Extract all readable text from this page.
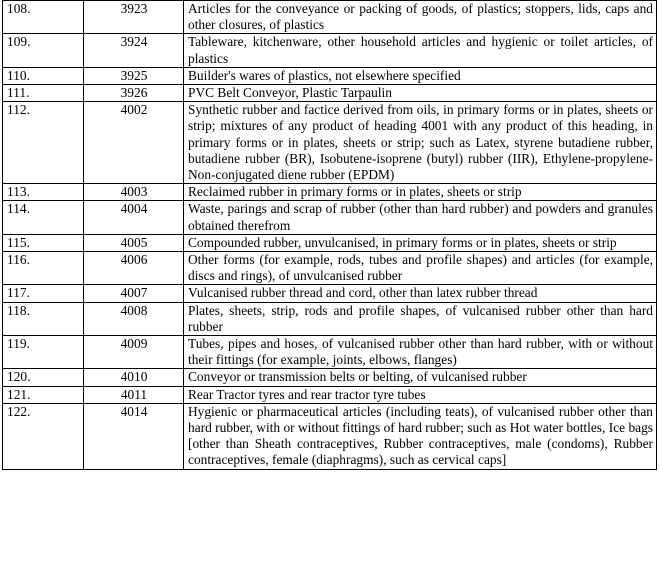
108.	3923	Articles for the conveyance or packing of goods, of plastics; stoppers, lids, caps and other closures, of plastics
109.	3924	Tableware, kitchenware, other household articles and hygienic or toilet articles, of plastics
110.	3925	Builder's wares of plastics, not elsewhere specified
111.	3926	PVC Belt Conveyor, Plastic Tarpaulin
112.	4002	Synthetic rubber and factice derived from oils, in primary forms or in plates, sheets or strip; mixtures of any product of heading 4001 with any product of this heading, in primary forms or in plates, sheets or strip; such as Latex, styrene butadiene rubber, butadiene rubber (BR), Isobutene-isoprene (butyl) rubber (IIR), Ethylene-propylene-Non-conjugated diene rubber (EPDM)
113.	4003	Reclaimed rubber in primary forms or in plates, sheets or strip
114.	4004	Waste, parings and scrap of rubber (other than hard rubber) and powders and granules obtained therefrom
115.	4005	Compounded rubber, unvulcanised, in primary forms or in plates, sheets or strip
116.	4006	Other forms (for example, rods, tubes and profile shapes) and articles (for example, discs and rings), of unvulcanised rubber
117.	4007	Vulcanised rubber thread and cord, other than latex rubber thread
118.	4008	Plates, sheets, strip, rods and profile shapes, of vulcanised rubber other than hard rubber
119.	4009	Tubes, pipes and hoses, of vulcanised rubber other than hard rubber, with or without their fittings (for example, joints, elbows, flanges)
120.	4010	Conveyor or transmission belts or belting, of vulcanised rubber
121.	4011	Rear Tractor tyres and rear tractor tyre tubes
122.	4014	Hygienic or pharmaceutical articles (including teats), of vulcanised rubber other than hard rubber, with or without fittings of hard rubber; such as Hot water bottles, Ice bags [other than Sheath contraceptives, Rubber contraceptives, male (condoms), Rubber contraceptives, female (diaphragms), such as cervical caps]
